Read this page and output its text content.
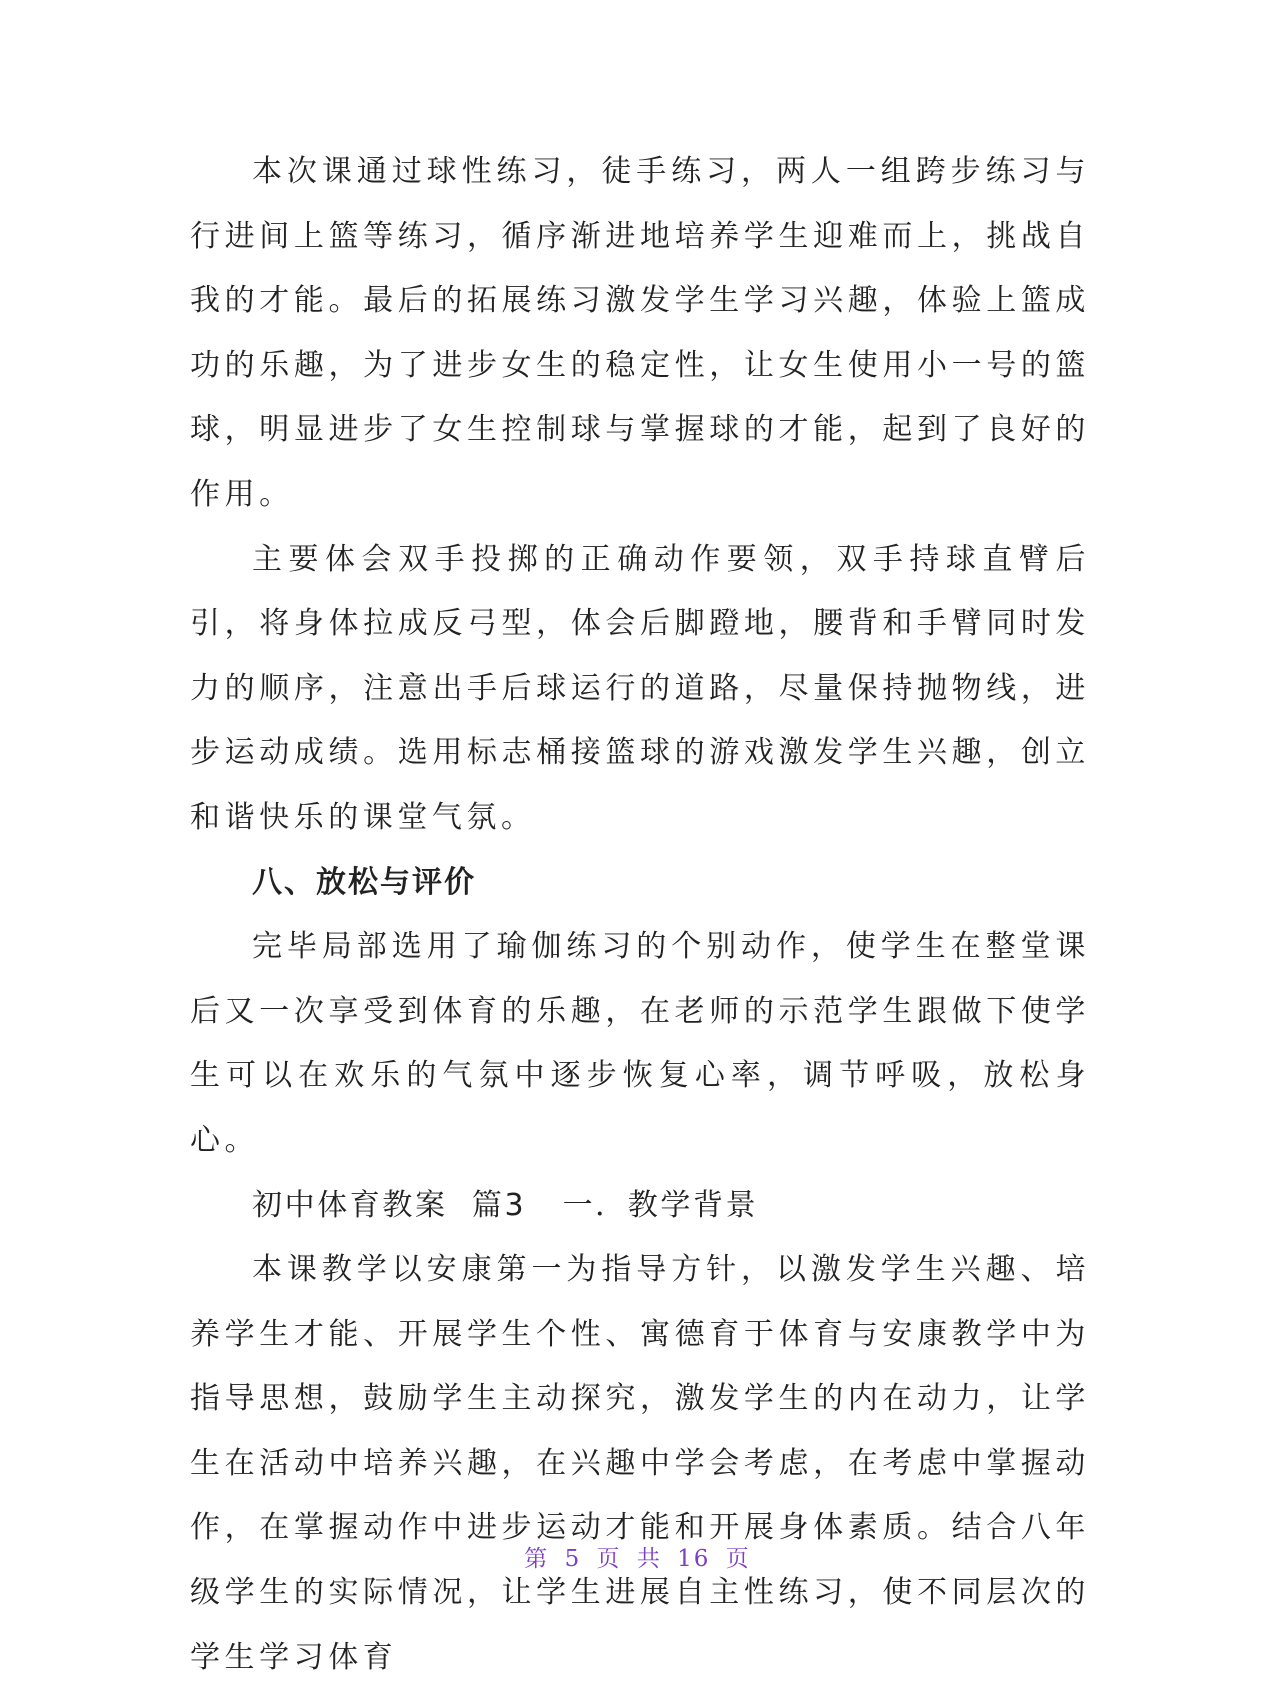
本次课通过球性练习，徒手练习，两人一组跨步练习与行进间上篮等练习，循序渐进地培养学生迎难而上，挑战自我的才能。最后的拓展练习激发学生学习兴趣，体验上篮成功的乐趣，为了进步女生的稳定性，让女生使用小一号的篮球，明显进步了女生控制球与掌握球的才能，起到了良好的作用。

主要体会双手投掷的正确动作要领，双手持球直臂后引，将身体拉成反弓型，体会后脚蹬地，腰背和手臂同时发力的顺序，注意出手后球运行的道路，尽量保持抛物线，进步运动成绩。选用标志桶接篮球的游戏激发学生兴趣，创立和谐快乐的课堂气氛。

八、放松与评价

完毕局部选用了瑜伽练习的个别动作，使学生在整堂课后又一次享受到体育的乐趣，在老师的示范学生跟做下使学生可以在欢乐的气氛中逐步恢复心率，调节呼吸，放松身心。

初中体育教案  篇3   一．教学背景

本课教学以安康第一为指导方针，以激发学生兴趣、培养学生才能、开展学生个性、寓德育于体育与安康教学中为指导思想，鼓励学生主动探究，激发学生的内在动力，让学生在活动中培养兴趣，在兴趣中学会考虑，在考虑中掌握动作，在掌握动作中进步运动才能和开展身体素质。结合八年级学生的实际情况，让学生进展自主性练习，使不同层次的学生学习体育

第 5 页 共 16 页
